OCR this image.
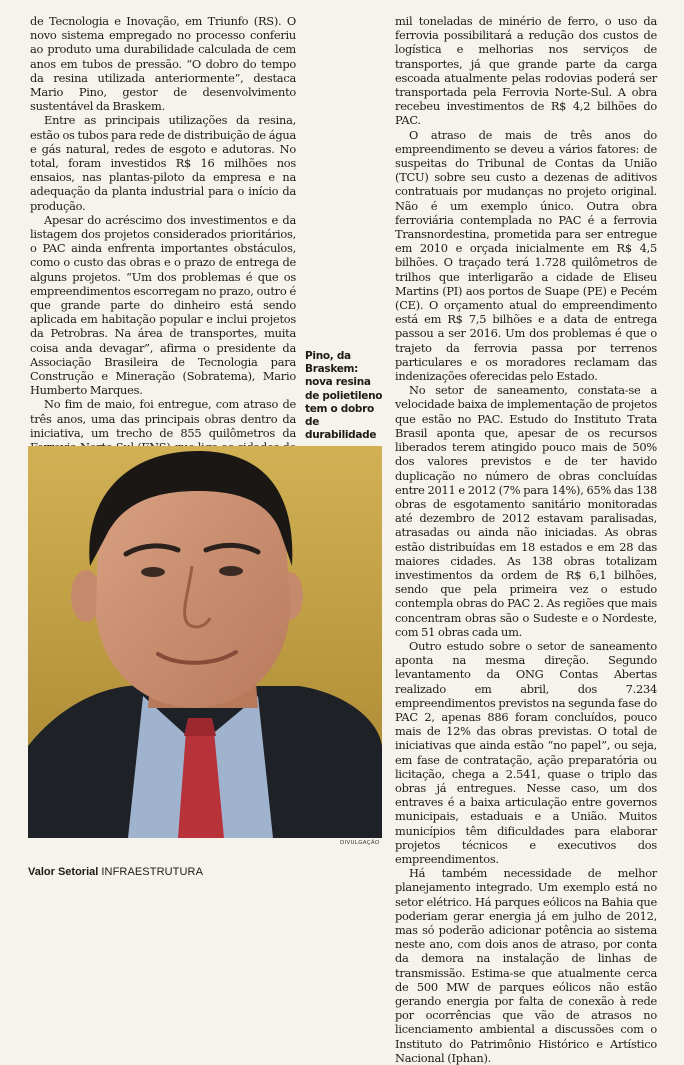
de Tecnologia e Inovação, em Triunfo (RS). O novo sistema empregado no processo conferiu ao produto uma durabilidade calculada de cem anos em tubos de pressão. “O dobro do tempo da resina utilizada anteriormente”, destaca Mario Pino, gestor de desenvolvimento sustentável da Braskem.

Entre as principais utilizações da resina, estão os tubos para rede de distribuição de água e gás natural, redes de esgoto e adutoras. No total, foram investidos R$ 16 milhões nos ensaios, nas plantas-piloto da empresa e na adequação da planta industrial para o início da produção.

Apesar do acréscimo dos investimentos e da listagem dos projetos considerados prioritários, o PAC ainda enfrenta importantes obstáculos, como o custo das obras e o prazo de entrega de alguns projetos. “Um dos problemas é que os empreendimentos escorregam no prazo, outro é que grande parte do dinheiro está sendo aplicada em habitação popular e inclui projetos da Petrobras. Na área de transportes, muita coisa anda devagar”, afirma o presidente da Associação Brasileira de Tecnologia para Construção e Mineração (Sobratema), Mario Humberto Marques.

No fim de maio, foi entregue, com atraso de três anos, uma das principais obras dentro da iniciativa, um trecho de 855 quilômetros da

Pino, da Braskem: nova resina de polietileno tem o dobro de durabilidade

DIVULGAÇÃO

mil toneladas de minério de ferro, o uso da ferrovia possibilitará a redução dos custos de logística e melhorias nos serviços de transportes, já que grande parte da carga escoada atualmente pelas rodovias poderá ser transportada pela Ferrovia Norte-Sul. A obra recebeu investimentos de R$ 4,2 bilhões do PAC.

O atraso de mais de três anos do empreendimento se deveu a vários fatores: de suspeitas do Tribunal de Contas da União (TCU) sobre seu custo a dezenas de aditivos contratuais por mudanças no projeto original. Não é um exemplo único. Outra obra ferroviária contemplada no PAC é a ferrovia Transnordestina, prometida para ser entregue em 2010 e orçada inicialmente em R$ 4,5 bilhões. O traçado terá 1.728 quilômetros de trilhos que interligarão a cidade de Eliseu Martins (PI) aos portos de Suape (PE) e Pecém (CE). O orçamento atual do empreendimento está em R$ 7,5 bilhões e a data de entrega passou a ser 2016. Um dos problemas é que o trajeto da ferrovia passa por terrenos particulares e os moradores reclamam das indenizações oferecidas pelo Estado.

No setor de saneamento, constata-se a velocidade baixa de implementação de projetos que estão no PAC. Estudo do Instituto Trata Brasil aponta que, apesar de os recursos liberados terem atingido pouco mais de 50% dos valores previstos e de ter havido duplicação no número de obras concluídas entre 2011 e 2012 (7% para 14%), 65% das 138 obras de esgotamento sanitário monitoradas até dezembro de 2012 estavam paralisadas, atrasadas ou ainda não iniciadas. As obras estão distribuídas em 18 estados e em 28 das maiores cidades. As 138 obras totalizam investimentos da ordem de R$ 6,1 bilhões, sendo que pela primeira vez o estudo contempla obras do PAC 2. As regiões que mais concentram obras são o Sudeste e o Nordeste, com 51 obras cada um.

Outro estudo sobre o setor de saneamento aponta na mesma direção. Segundo levantamento da ONG Contas Abertas realizado em abril, dos 7.234 empreendimentos previstos na segunda fase do PAC 2, apenas 886 foram concluídos, pouco mais de 12% das obras previstas. O total de iniciativas que ainda estão “no papel”, ou seja, em fase de contratação, ação preparatória ou licitação, chega a 2.541, quase o triplo das obras já entregues. Nesse caso, um dos entraves é a baixa articulação entre governos municipais, estaduais e a União. Muitos municípios têm dificuldades para elaborar projetos técnicos e executivos dos empreendimentos.

Há também necessidade de melhor planejamento integrado. Um exemplo está no setor elétrico. Há parques eólicos na Bahia que poderiam gerar energia já em julho de 2012, mas só poderão adicionar potência ao sistema neste ano, com dois anos de atraso, por conta da demora na instalação de linhas de transmissão. Estima-se que atualmente cerca de 500 MW de parques eólicos não estão gerando energia por falta de conexão à rede por ocorrências que vão de atrasos no licenciamento ambiental a discussões com o Instituto do Patrimônio Histórico e Artístico Nacional (Iphan).

Valor Setorial INFRAESTRUTURA
